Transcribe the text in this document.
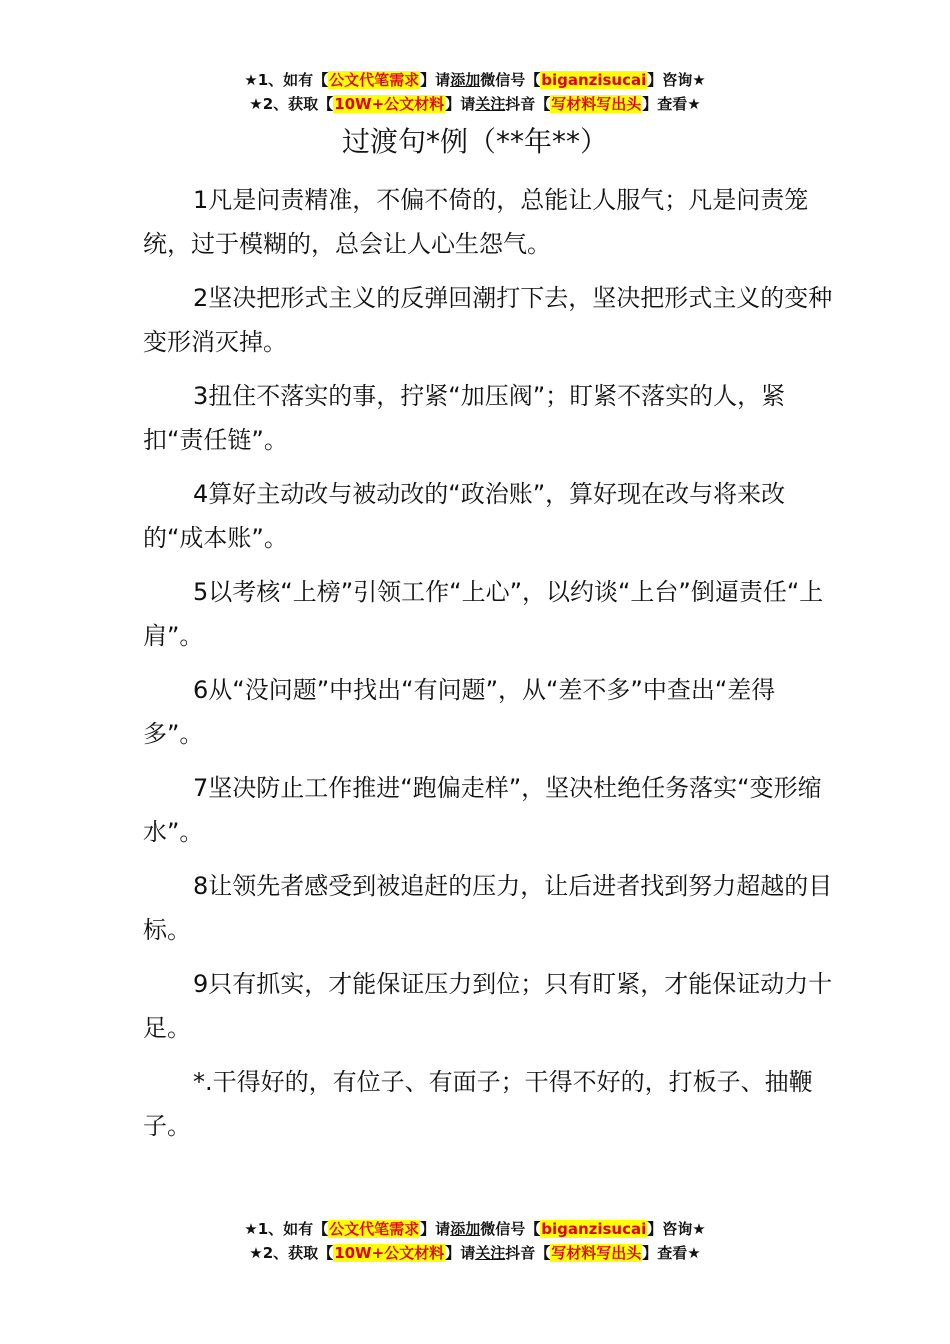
★1、如有【公文代笔需求】请添加微信号【biganzisucai】咨询★
★2、获取【10W+公文材料】请关注抖音【写材料写出头】查看★
过渡句*例（**年**）

1凡是问责精准，不偏不倚的，总能让人服气；凡是问责笼统，过于模糊的，总会让人心生怨气。

2坚决把形式主义的反弹回潮打下去，坚决把形式主义的变种变形消灭掉。

3扭住不落实的事，拧紧“加压阀”；盯紧不落实的人，紧扣“责任链”。

4算好主动改与被动改的“政治账”，算好现在改与将来改的“成本账”。

5以考核“上榜”引领工作“上心”，以约谈“上台”倒逼责任“上肩”。

6从“没问题”中找出“有问题”，从“差不多”中查出“差得多”。

7坚决防止工作推进“跑偏走样”，坚决杜绝任务落实“变形缩水”。

8让领先者感受到被追赶的压力，让后进者找到努力超越的目标。

9只有抓实，才能保证压力到位；只有盯紧，才能保证动力十足。

*.干得好的，有位子、有面子；干得不好的，打板子、抽鞭子。

★1、如有【公文代笔需求】请添加微信号【biganzisucai】咨询★
★2、获取【10W+公文材料】请关注抖音【写材料写出头】查看★
